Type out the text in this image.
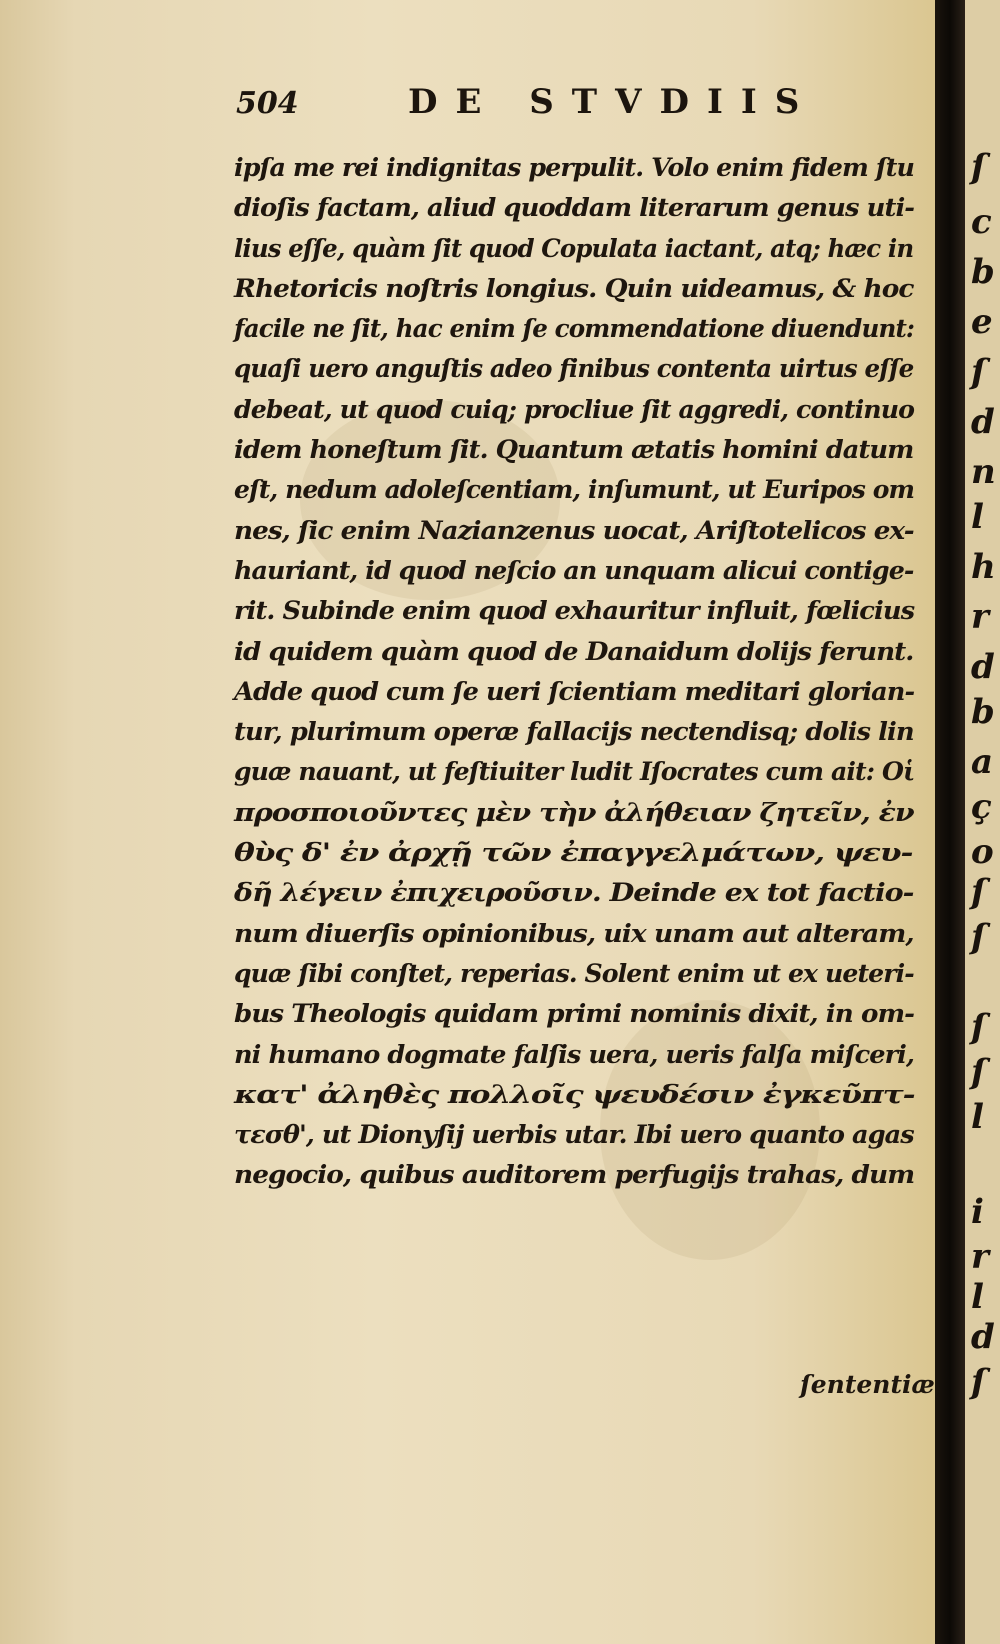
504	DE STVDIIS
ipſa me rei indignitas perpulit. Volo enim fidem ſtu
dioſis factam, aliud quoddam literarum genus uti-
lius eſſe, quàm ſit quod Copulata iactant, atq; hæc in
Rhetoricis noſtris longius. Quin uideamus, & hoc
facile ne ſit, hac enim ſe commendatione diuendunt:
quaſi uero anguſtis adeo finibus contenta uirtus eſſe
debeat, ut quod cuiq; procliue ſit aggredi, continuo
idem honeſtum ſit. Quantum ætatis homini datum
eſt, nedum adoleſcentiam, inſumunt, ut Euripos om
nes, ſic enim Nazianzenus uocat, Ariſtotelicos ex-
hauriant, id quod neſcio an unquam alicui contige-
rit. Subinde enim quod exhauritur influit, fœlicius
id quidem quàm quod de Danaidum dolijs ferunt.
Adde quod cum ſe ueri ſcientiam meditari glorian-
tur, plurimum operæ fallacijs nectendisq; dolis lin
guæ nauant, ut feſtiuiter ludit Iſocrates cum ait: Οἱ
προσποιοῦντες μὲν τὴν ἀλήθειαν ζητεῖν, ἐν
θὺς δ' ἐν ἀρχῇ τῶν ἐπαγγελμάτων, ψευ-
δῆ λέγειν ἐπιχειροῦσιν. Deinde ex tot factio-
num diuerſis opinionibus, uix unam aut alteram,
quæ ſibi conſtet, reperias. Solent enim ut ex ueteri-
bus Theologis quidam primi nominis dixit, in om-
ni humano dogmate falſis uera, ueris falſa miſceri,
κατ' ἀληθὲς πολλοῖς ψευδέσιν ἐγκεῦπτ-
τεσθ', ut Dionyſij uerbis utar. Ibi uero quanto agas
negocio, quibus auditorem perfugijs trahas, dum
ſententiæ
ſ
c
b
e
ſ
d
n
l
h
r
d
b
a
ç
o
ſ
ſ
ſ
ſ
l
i
r
l
d
ſ
